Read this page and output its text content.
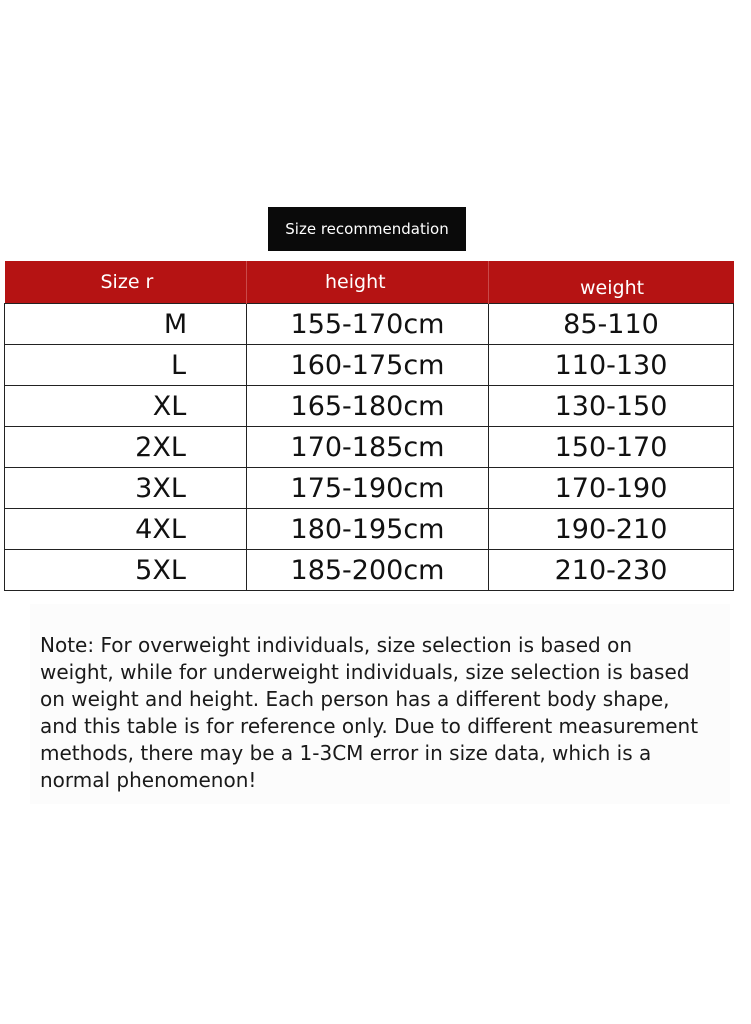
Size recommendation
Size r	height	weight
M	155-170cm	85-110
L	160-175cm	110-130
XL	165-180cm	130-150
2XL	170-185cm	150-170
3XL	175-190cm	170-190
4XL	180-195cm	190-210
5XL	185-200cm	210-230
Note: For overweight individuals, size selection is based on weight, while for underweight individuals, size selection is based on weight and height. Each person has a different body shape, and this table is for reference only. Due to different measurement methods, there may be a 1-3CM error in size data, which is a normal phenomenon!
